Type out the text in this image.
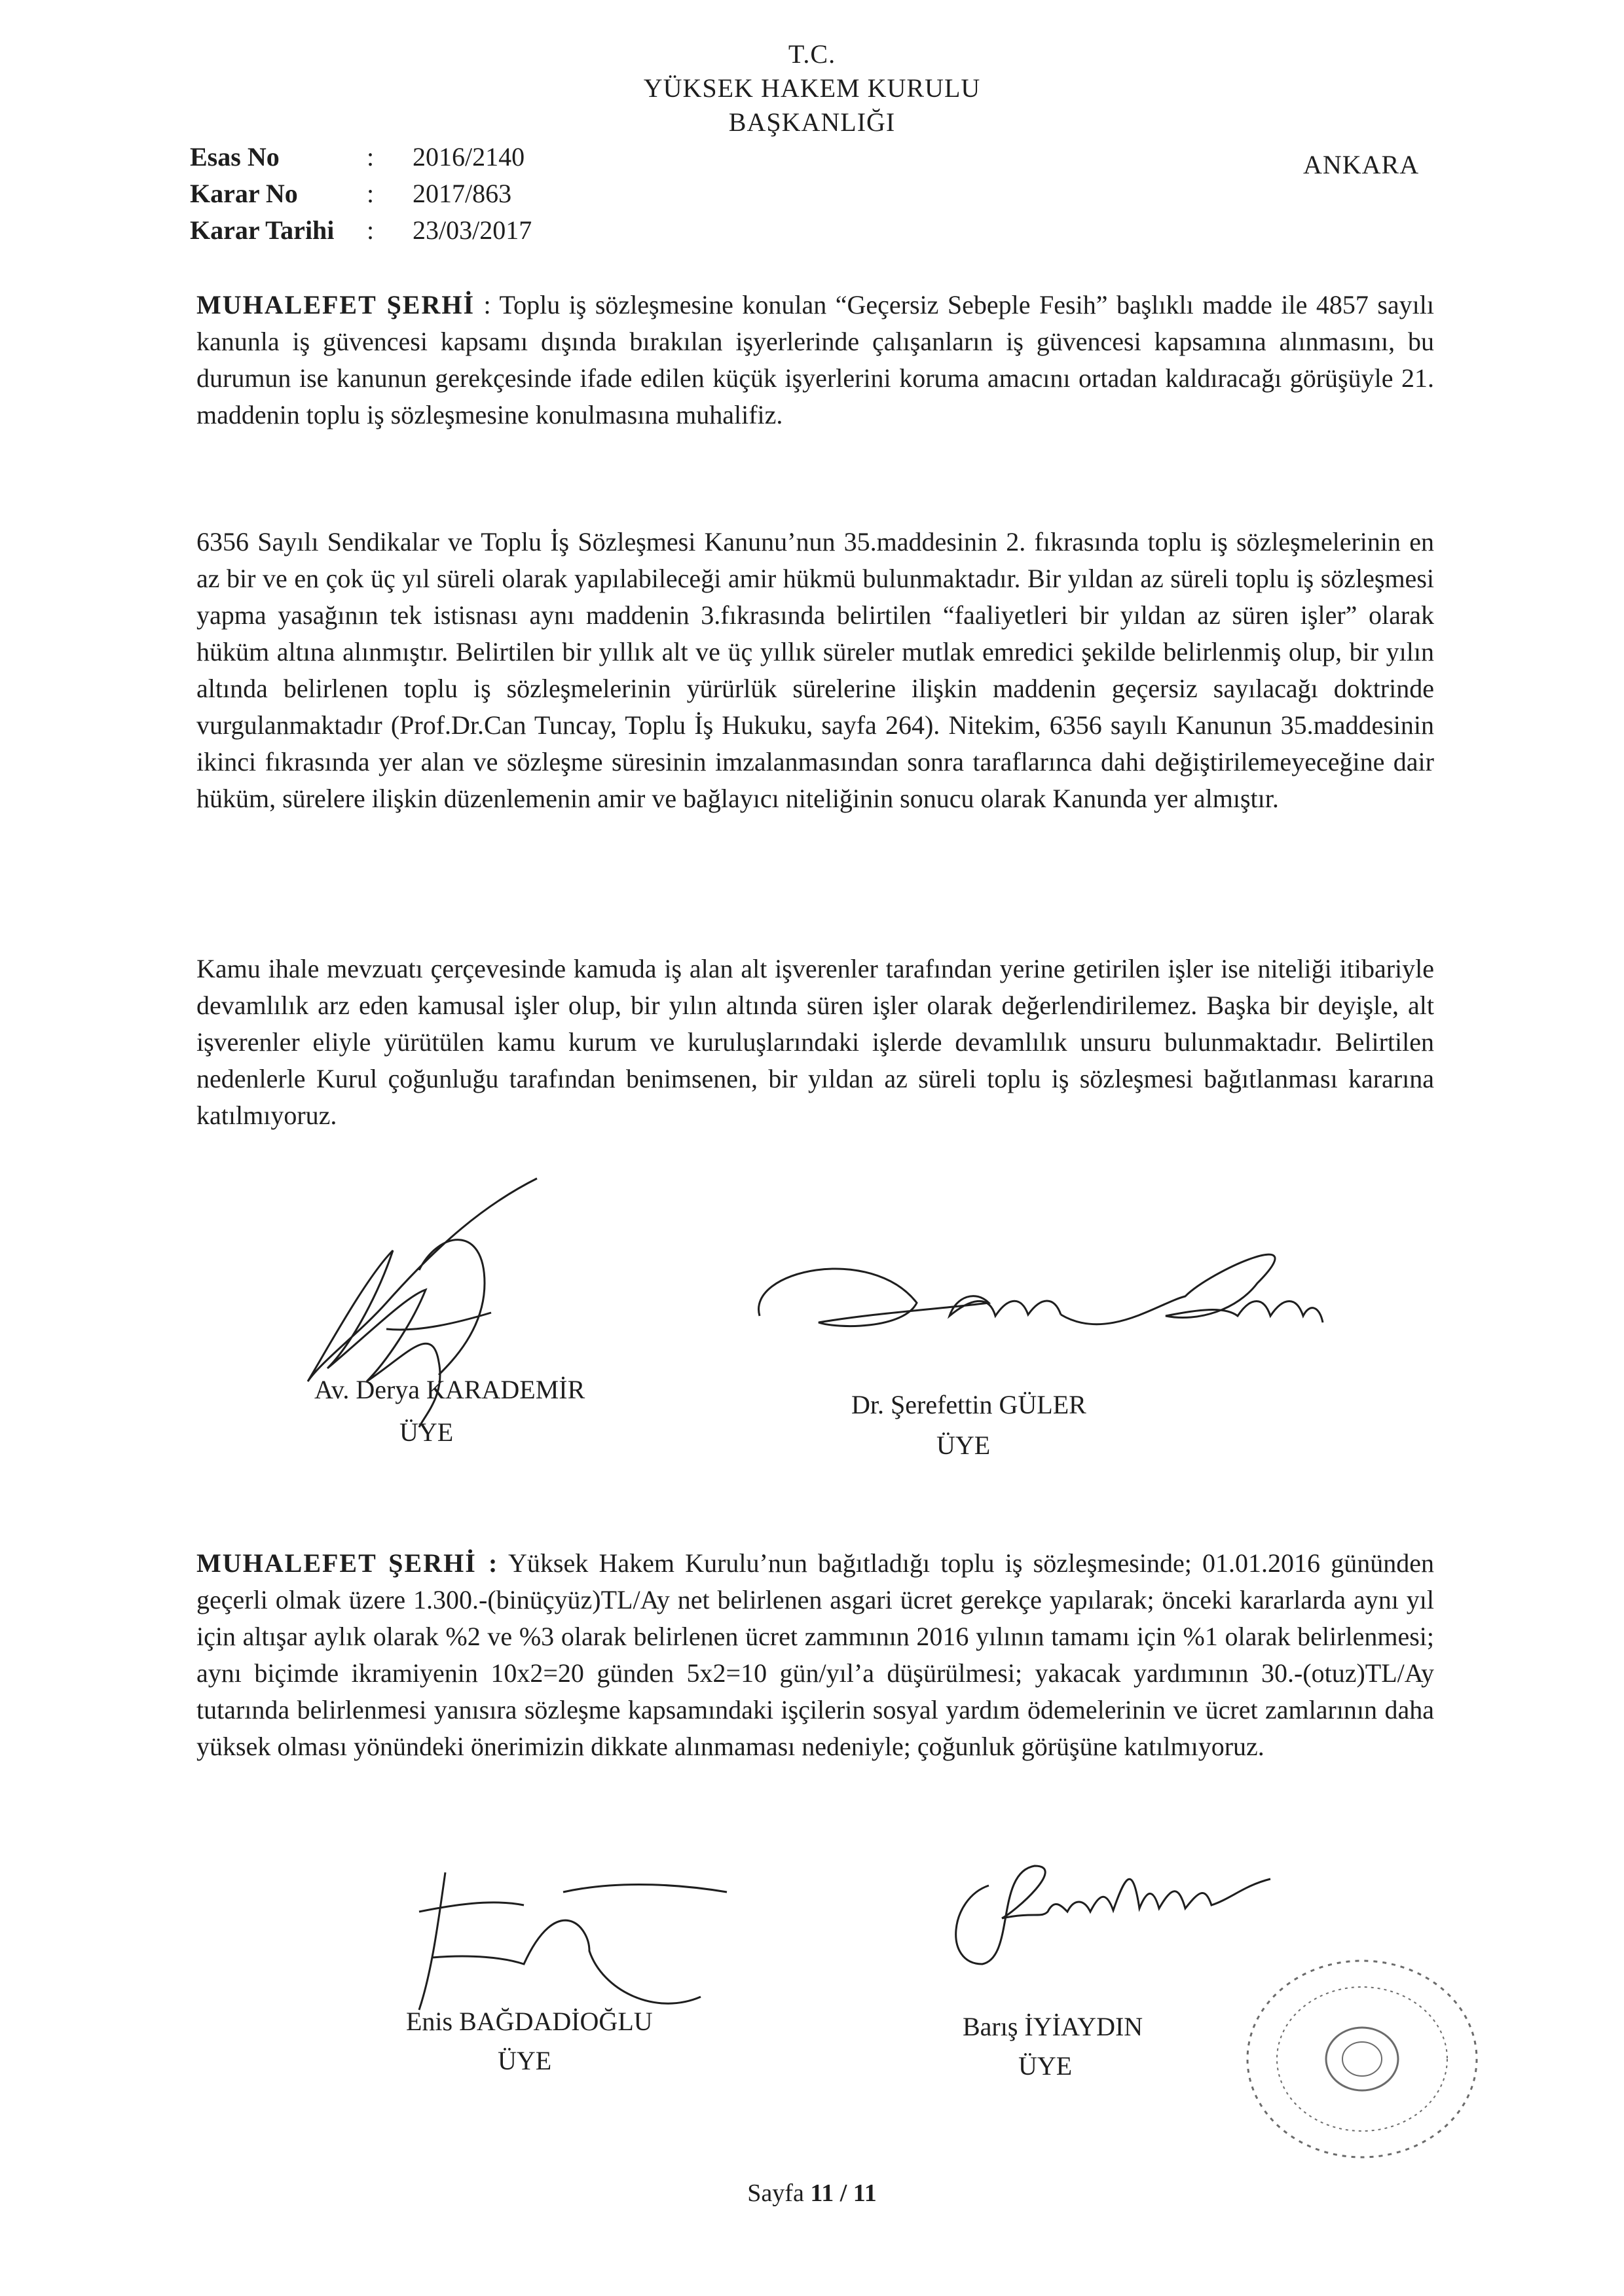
T.C.
YÜKSEK HAKEM KURULU
BAŞKANLIĞI
ANKARA
Esas No	: 2016/2140
Karar No	: 2017/863
Karar Tarihi : 23/03/2017
MUHALEFET ŞERHİ : Toplu iş sözleşmesine konulan “Geçersiz Sebeple Fesih” başlıklı madde ile 4857 sayılı kanunla iş güvencesi kapsamı dışında bırakılan işyerlerinde çalışanların iş güvencesi kapsamına alınmasını, bu durumun ise kanunun gerekçesinde ifade edilen küçük işyerlerini koruma amacını ortadan kaldıracağı görüşüyle 21. maddenin toplu iş sözleşmesine konulmasına muhalifiz.
6356 Sayılı Sendikalar ve Toplu İş Sözleşmesi Kanunu’nun 35.maddesinin 2. fıkrasında toplu iş sözleşmelerinin en az bir ve en çok üç yıl süreli olarak yapılabileceği amir hükmü bulunmaktadır. Bir yıldan az süreli toplu iş sözleşmesi yapma yasağının tek istisnası aynı maddenin 3.fıkrasında belirtilen “faaliyetleri bir yıldan az süren işler” olarak hüküm altına alınmıştır. Belirtilen bir yıllık alt ve üç yıllık süreler mutlak emredici şekilde belirlenmiş olup, bir yılın altında belirlenen toplu iş sözleşmelerinin yürürlük sürelerine ilişkin maddenin geçersiz sayılacağı doktrinde vurgulanmaktadır (Prof.Dr.Can Tuncay, Toplu İş Hukuku, sayfa 264). Nitekim, 6356 sayılı Kanunun 35.maddesinin ikinci fıkrasında yer alan ve sözleşme süresinin imzalanmasından sonra taraflarınca dahi değiştirilemeyeceğine dair hüküm, sürelere ilişkin düzenlemenin amir ve bağlayıcı niteliğinin sonucu olarak Kanunda yer almıştır.
Kamu ihale mevzuatı çerçevesinde kamuda iş alan alt işverenler tarafından yerine getirilen işler ise niteliği itibariyle devamlılık arz eden kamusal işler olup, bir yılın altında süren işler olarak değerlendirilemez. Başka bir deyişle, alt işverenler eliyle yürütülen kamu kurum ve kuruluşlarındaki işlerde devamlılık unsuru bulunmaktadır. Belirtilen nedenlerle Kurul çoğunluğu tarafından benimsenen, bir yıldan az süreli toplu iş sözleşmesi bağıtlanması kararına katılmıyoruz.
Av. Derya KARADEMİR
ÜYE
Dr. Şerefettin GÜLER
ÜYE
MUHALEFET ŞERHİ : Yüksek Hakem Kurulu’nun bağıtladığı toplu iş sözleşmesinde; 01.01.2016 gününden geçerli olmak üzere 1.300.-(binüçyüz)TL/Ay net belirlenen asgari ücret gerekçe yapılarak; önceki kararlarda aynı yıl için altışar aylık olarak %2 ve %3 olarak belirlenen ücret zammının 2016 yılının tamamı için %1 olarak belirlenmesi; aynı biçimde ikramiyenin 10x2=20 günden 5x2=10 gün/yıl’a düşürülmesi; yakacak yardımının 30.-(otuz)TL/Ay tutarında belirlenmesi yanısıra sözleşme kapsamındaki işçilerin sosyal yardım ödemelerinin ve ücret zamlarının daha yüksek olması yönündeki önerimizin dikkate alınmaması nedeniyle; çoğunluk görüşüne katılmıyoruz.
Enis BAĞDADİOĞLU
ÜYE
Barış İYİAYDIN
ÜYE
Sayfa 11 / 11
